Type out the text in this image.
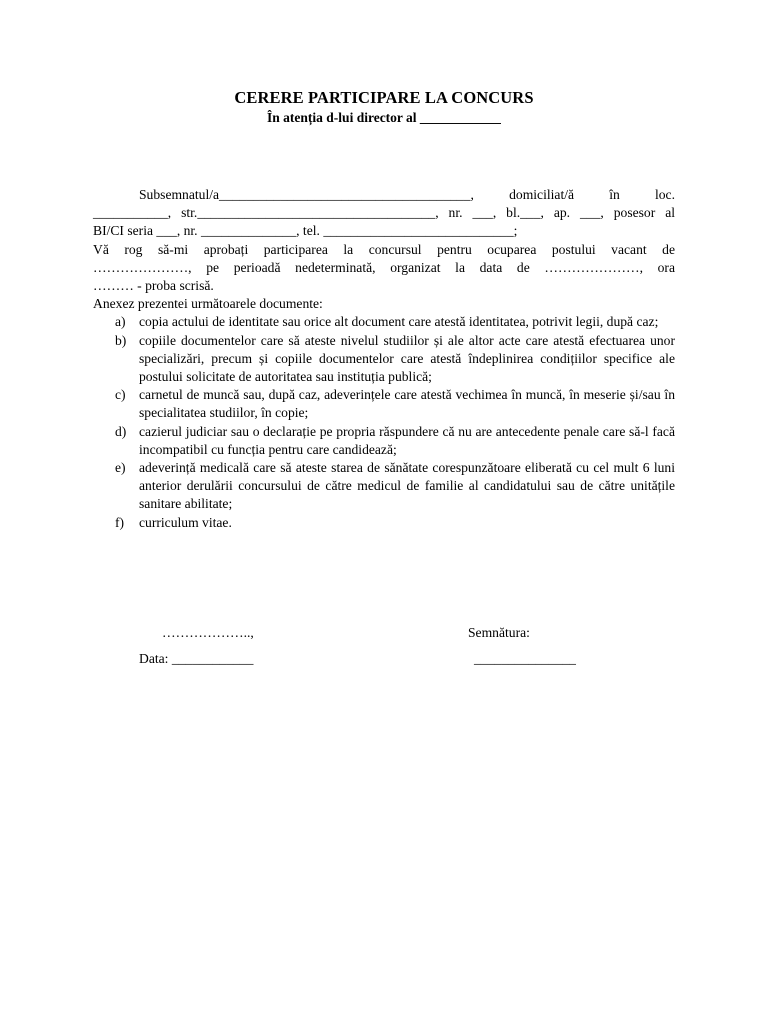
CERERE PARTICIPARE LA CONCURS
În atenția d-lui director al ____________

Subsemnatul/a_____________________________________, domiciliat/ă în loc.

___________, str.___________________________________, nr. ___, bl.___, ap. ___, posesor al

BI/CI seria ___, nr. ______________, tel. ____________________________;

Vă rog să-mi aprobați participarea la concursul pentru ocuparea postului vacant de

…………………, pe perioadă nedeterminată, organizat la data de …………………, ora

……… - proba scrisă.

Anexez prezentei următoarele documente:

a) copia actului de identitate sau orice alt document care atestă identitatea, potrivit legii, după caz;
b) copiile documentelor care să ateste nivelul studiilor și ale altor acte care atestă efectuarea unor specializări, precum și copiile documentelor care atestă îndeplinirea condițiilor specifice ale postului solicitate de autoritatea sau instituția publică;
c) carnetul de muncă sau, după caz, adeverințele care atestă vechimea în muncă, în meserie și/sau în specialitatea studiilor, în copie;
d) cazierul judiciar sau o declarație pe propria răspundere că nu are antecedente penale care să-l facă incompatibil cu funcția pentru care candidează;
e) adeverință medicală care să ateste starea de sănătate corespunzătoare eliberată cu cel mult 6 luni anterior derulării concursului de către medicul de familie al candidatului sau de către unitățile sanitare abilitate;
f) curriculum vitae.
………………..,	Semnătura:
Data: ____________	_______________
